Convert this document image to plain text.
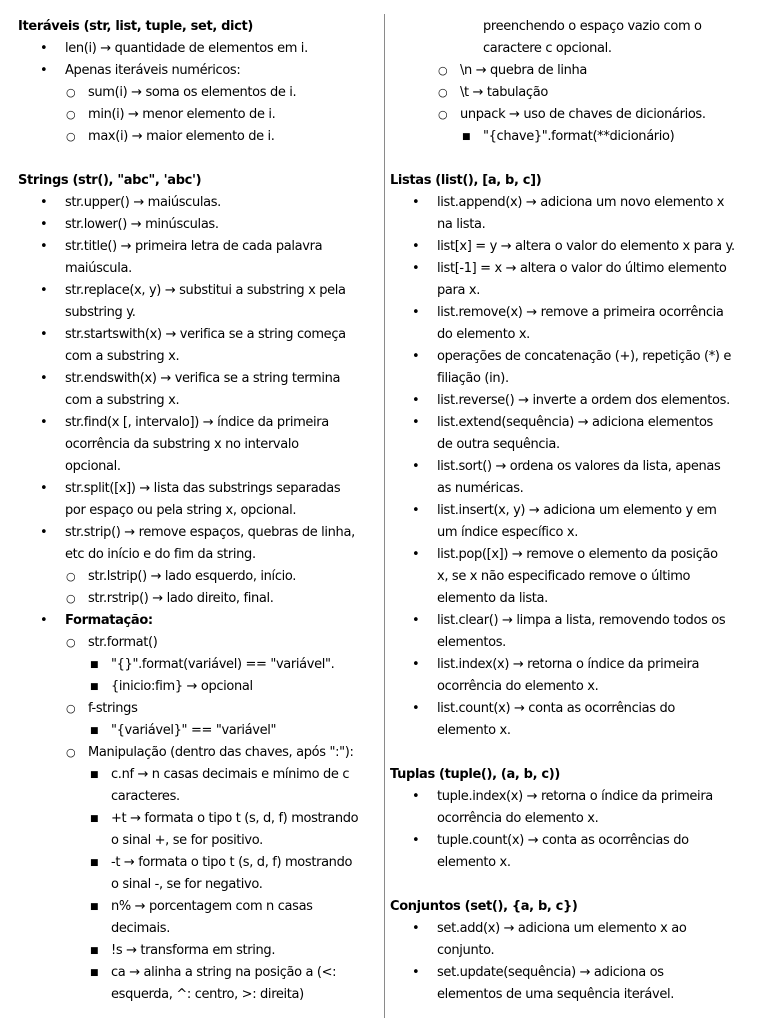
Iteráveis (str, list, tuple, set, dict)
• len(i) → quantidade de elementos em i.
• Apenas iteráveis numéricos:
○ sum(i) → soma os elementos de i.
○ min(i) → menor elemento de i.
○ max(i) → maior elemento de i.
Strings (str(), "abc", 'abc')
• str.upper() → maiúsculas.
• str.lower() → minúsculas.
• str.title() → primeira letra de cada palavra
maiúscula.
• str.replace(x, y) → substitui a substring x pela
substring y.
• str.startswith(x) → verifica se a string começa
com a substring x.
• str.endswith(x) → verifica se a string termina
com a substring x.
• str.find(x [, intervalo]) → índice da primeira
ocorrência da substring x no intervalo
opcional.
• str.split([x]) → lista das substrings separadas
por espaço ou pela string x, opcional.
• str.strip() → remove espaços, quebras de linha,
etc do início e do fim da string.
○ str.lstrip() → lado esquerdo, início.
○ str.rstrip() → lado direito, final.
• Formatação:
○ str.format()
■ "{}".format(variável) == "variável".
■ {inicio:fim} → opcional
○ f-strings
■ "{variável}" == "variável"
○ Manipulação (dentro das chaves, após ":"):
■ c.nf → n casas decimais e mínimo de c
caracteres.
■ +t → formata o tipo t (s, d, f) mostrando
o sinal +, se for positivo.
■ -t → formata o tipo t (s, d, f) mostrando
o sinal -, se for negativo.
■ n% → porcentagem com n casas
decimais.
■ !s → transforma em string.
■ ca → alinha a string na posição a (<:
esquerda, ^: centro, >: direita)
preenchendo o espaço vazio com o
caractere c opcional.
○ \n → quebra de linha
○ \t → tabulação
○ unpack → uso de chaves de dicionários.
■ "{chave}".format(**dicionário)
Listas (list(), [a, b, c])
• list.append(x) → adiciona um novo elemento x
na lista.
• list[x] = y → altera o valor do elemento x para y.
• list[-1] = x → altera o valor do último elemento
para x.
• list.remove(x) → remove a primeira ocorrência
do elemento x.
• operações de concatenação (+), repetição (*) e
filiação (in).
• list.reverse() → inverte a ordem dos elementos.
• list.extend(sequência) → adiciona elementos
de outra sequência.
• list.sort() → ordena os valores da lista, apenas
as numéricas.
• list.insert(x, y) → adiciona um elemento y em
um índice específico x.
• list.pop([x]) → remove o elemento da posição
x, se x não especificado remove o último
elemento da lista.
• list.clear() → limpa a lista, removendo todos os
elementos.
• list.index(x) → retorna o índice da primeira
ocorrência do elemento x.
• list.count(x) → conta as ocorrências do
elemento x.
Tuplas (tuple(), (a, b, c))
• tuple.index(x) → retorna o índice da primeira
ocorrência do elemento x.
• tuple.count(x) → conta as ocorrências do
elemento x.
Conjuntos (set(), {a, b, c})
• set.add(x) → adiciona um elemento x ao
conjunto.
• set.update(sequência) → adiciona os
elementos de uma sequência iterável.
